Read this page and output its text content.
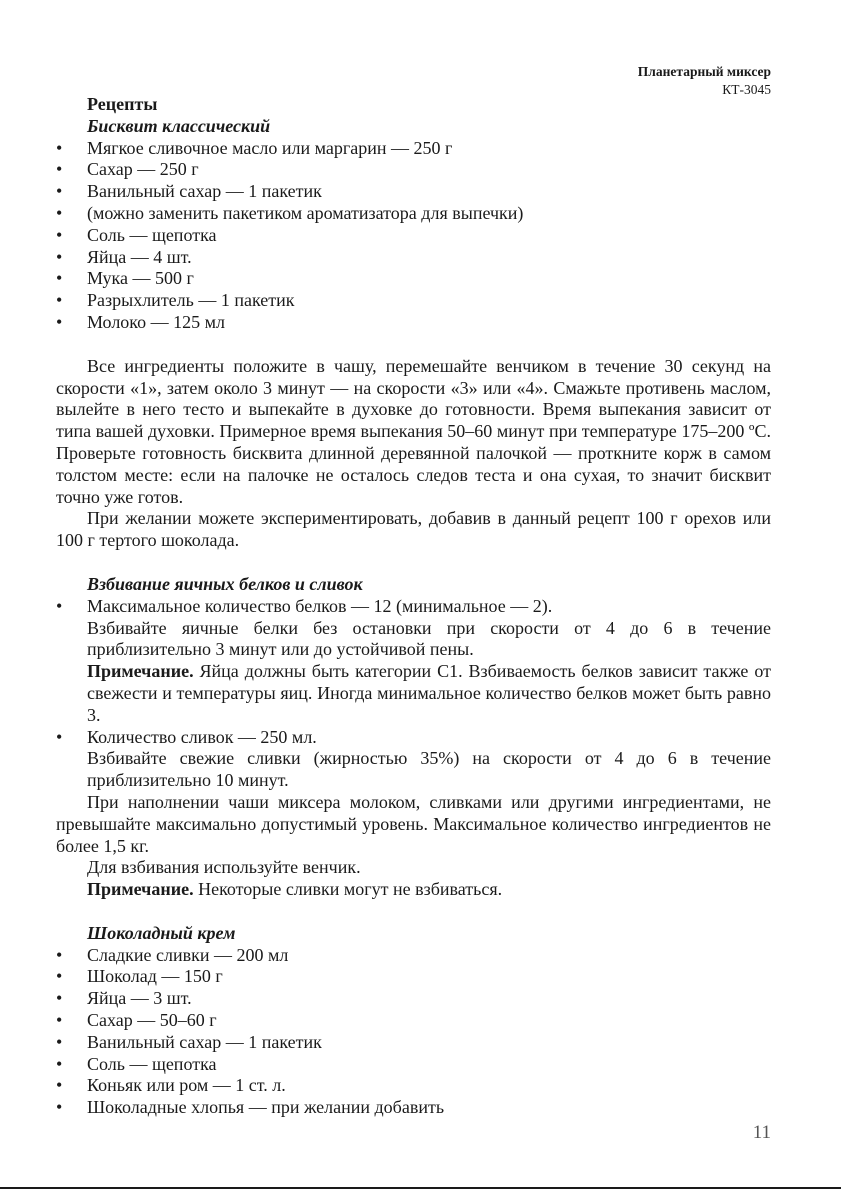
Планетарный миксер
КТ-3045
Рецепты
Бисквит классический
• Мягкое сливочное масло или маргарин — 250 г
• Сахар — 250 г
• Ванильный сахар — 1 пакетик
• (можно заменить пакетиком ароматизатора для выпечки)
• Соль — щепотка
• Яйца — 4 шт.
• Мука — 500 г
• Разрыхлитель — 1 пакетик
• Молоко — 125 мл

Все ингредиенты положите в чашу, перемешайте венчиком в течение 30 секунд на скорости «1», затем около 3 минут — на скорости «3» или «4». Смажьте противень маслом, вылейте в него тесто и выпекайте в духовке до готовности. Время выпекания зависит от типа вашей духовки. Примерное время выпекания 50–60 минут при температуре 175–200 ºC. Проверьте готовность бисквита длинной деревянной палочкой — проткните корж в самом толстом месте: если на палочке не осталось следов теста и она сухая, то значит бисквит точно уже готов.

При желании можете экспериментировать, добавив в данный рецепт 100 г орехов или 100 г тертого шоколада.

Взбивание яичных белков и сливок
• Максимальное количество белков — 12 (минимальное — 2).

Взбивайте яичные белки без остановки при скорости от 4 до 6 в течение приблизительно 3 минут или до устойчивой пены.

Примечание. Яйца должны быть категории С1. Взбиваемость белков зависит также от свежести и температуры яиц. Иногда минимальное количество белков может быть равно 3.

• Количество сливок — 250 мл.

Взбивайте свежие сливки (жирностью 35%) на скорости от 4 до 6 в течение приблизительно 10 минут.

При наполнении чаши миксера молоком, сливками или другими ингредиентами, не превышайте максимально допустимый уровень. Максимальное количество ингредиентов не более 1,5 кг.

Для взбивания используйте венчик.

Примечание. Некоторые сливки могут не взбиваться.

Шоколадный крем
• Сладкие сливки — 200 мл
• Шоколад — 150 г
• Яйца — 3 шт.
• Сахар — 50–60 г
• Ванильный сахар — 1 пакетик
• Соль — щепотка
• Коньяк или ром — 1 ст. л.
• Шоколадные хлопья — при желании добавить
11
